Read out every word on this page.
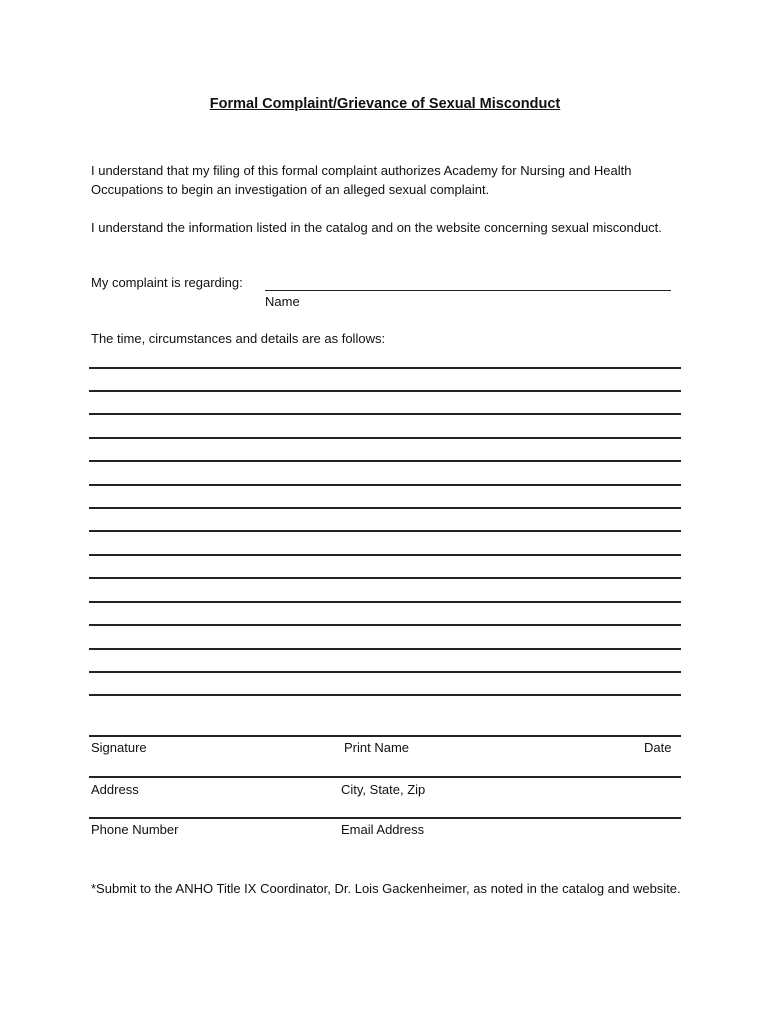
Formal Complaint/Grievance of Sexual Misconduct
I understand that my filing of this formal complaint authorizes Academy for Nursing and Health Occupations to begin an investigation of an alleged sexual complaint.
I understand the information listed in the catalog and on the website concerning sexual misconduct.
My complaint is regarding:
Name
The time, circumstances and details are as follows:
Signature	Print Name	Date
Address	City, State, Zip
Phone Number	Email Address
*Submit to the ANHO Title IX Coordinator, Dr. Lois Gackenheimer, as noted in the catalog and website.
